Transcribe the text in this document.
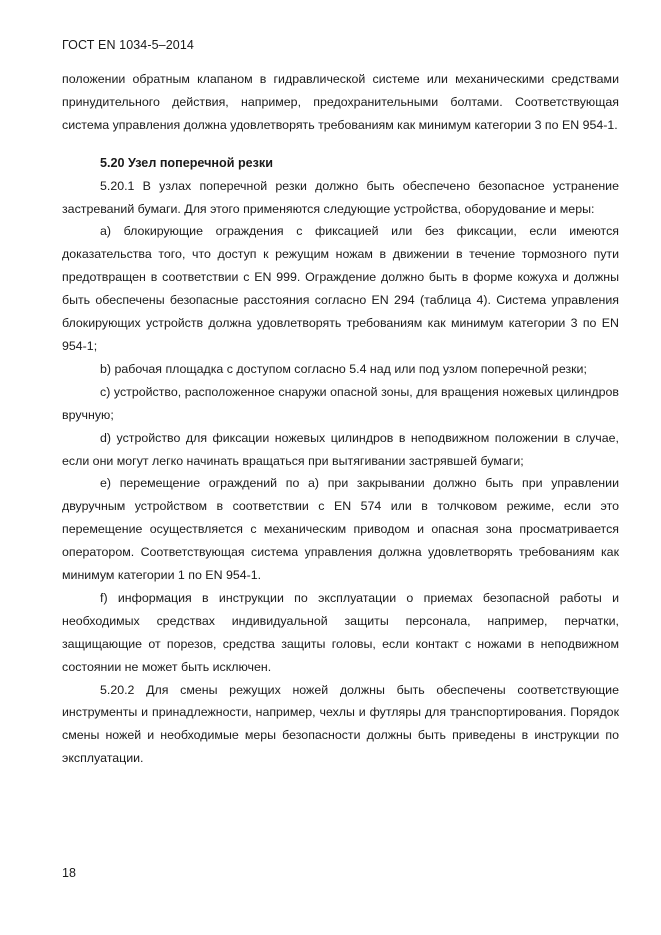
ГОСТ EN 1034-5–2014

положении обратным клапаном в гидравлической системе или механическими средствами принудительного действия, например, предохранительными болтами. Соответствующая система управления должна удовлетворять требованиям как минимум категории 3 по EN 954-1.

5.20 Узел поперечной резки

5.20.1 В узлах поперечной резки должно быть обеспечено безопасное устранение застреваний бумаги. Для этого применяются следующие устройства, оборудование и меры:

а) блокирующие ограждения с фиксацией или без фиксации, если имеются доказательства того, что доступ к режущим ножам в движении в течение тормозного пути предотвращен в соответствии с EN 999. Ограждение должно быть в форме кожуха и должны быть обеспечены безопасные расстояния согласно EN 294 (таблица 4). Система управления блокирующих устройств должна удовлетворять требованиям как минимум категории 3 по EN 954-1;

b) рабочая площадка с доступом согласно 5.4 над или под узлом поперечной резки;

c) устройство, расположенное снаружи опасной зоны, для вращения ножевых цилиндров вручную;

d) устройство для фиксации ножевых цилиндров в неподвижном положении в случае, если они могут легко начинать вращаться при вытягивании застрявшей бумаги;

e) перемещение ограждений по а) при закрывании должно быть при управлении двуручным устройством в соответствии с EN 574 или в толчковом режиме, если это перемещение осуществляется с механическим приводом и опасная зона просматривается оператором. Соответствующая система управления должна удовлетворять требованиям как минимум категории 1 по EN 954-1.

f) информация в инструкции по эксплуатации о приемах безопасной работы и необходимых средствах индивидуальной защиты персонала, например, перчатки, защищающие от порезов, средства защиты головы, если контакт с ножами в неподвижном состоянии не может быть исключен.

5.20.2 Для смены режущих ножей должны быть обеспечены соответствующие инструменты и принадлежности, например, чехлы и футляры для транспортирования. Порядок смены ножей и необходимые меры безопасности должны быть приведены в инструкции по эксплуатации.

18
